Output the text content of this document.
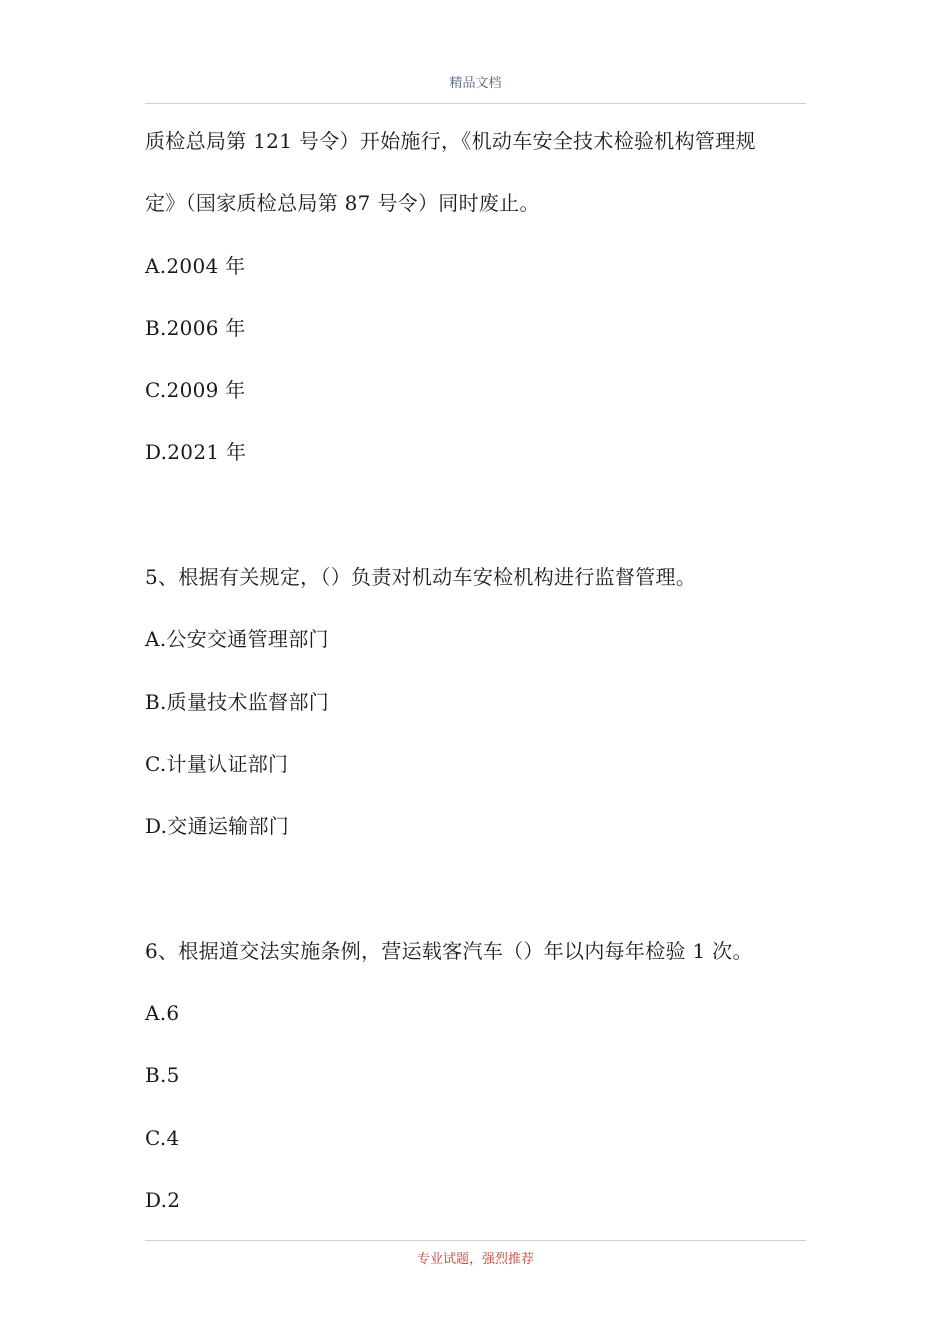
精品文档
质检总局第 121 号令）开始施行，《机动车安全技术检验机构管理规
定》（国家质检总局第 87 号令）同时废止。
A.2004 年
B.2006 年
C.2009 年
D.2021 年
5、根据有关规定，（）负责对机动车安检机构进行监督管理。
A.公安交通管理部门
B.质量技术监督部门
C.计量认证部门
D.交通运输部门
6、根据道交法实施条例，营运载客汽车（）年以内每年检验 1 次。
A.6
B.5
C.4
D.2
专业试题，强烈推荐
